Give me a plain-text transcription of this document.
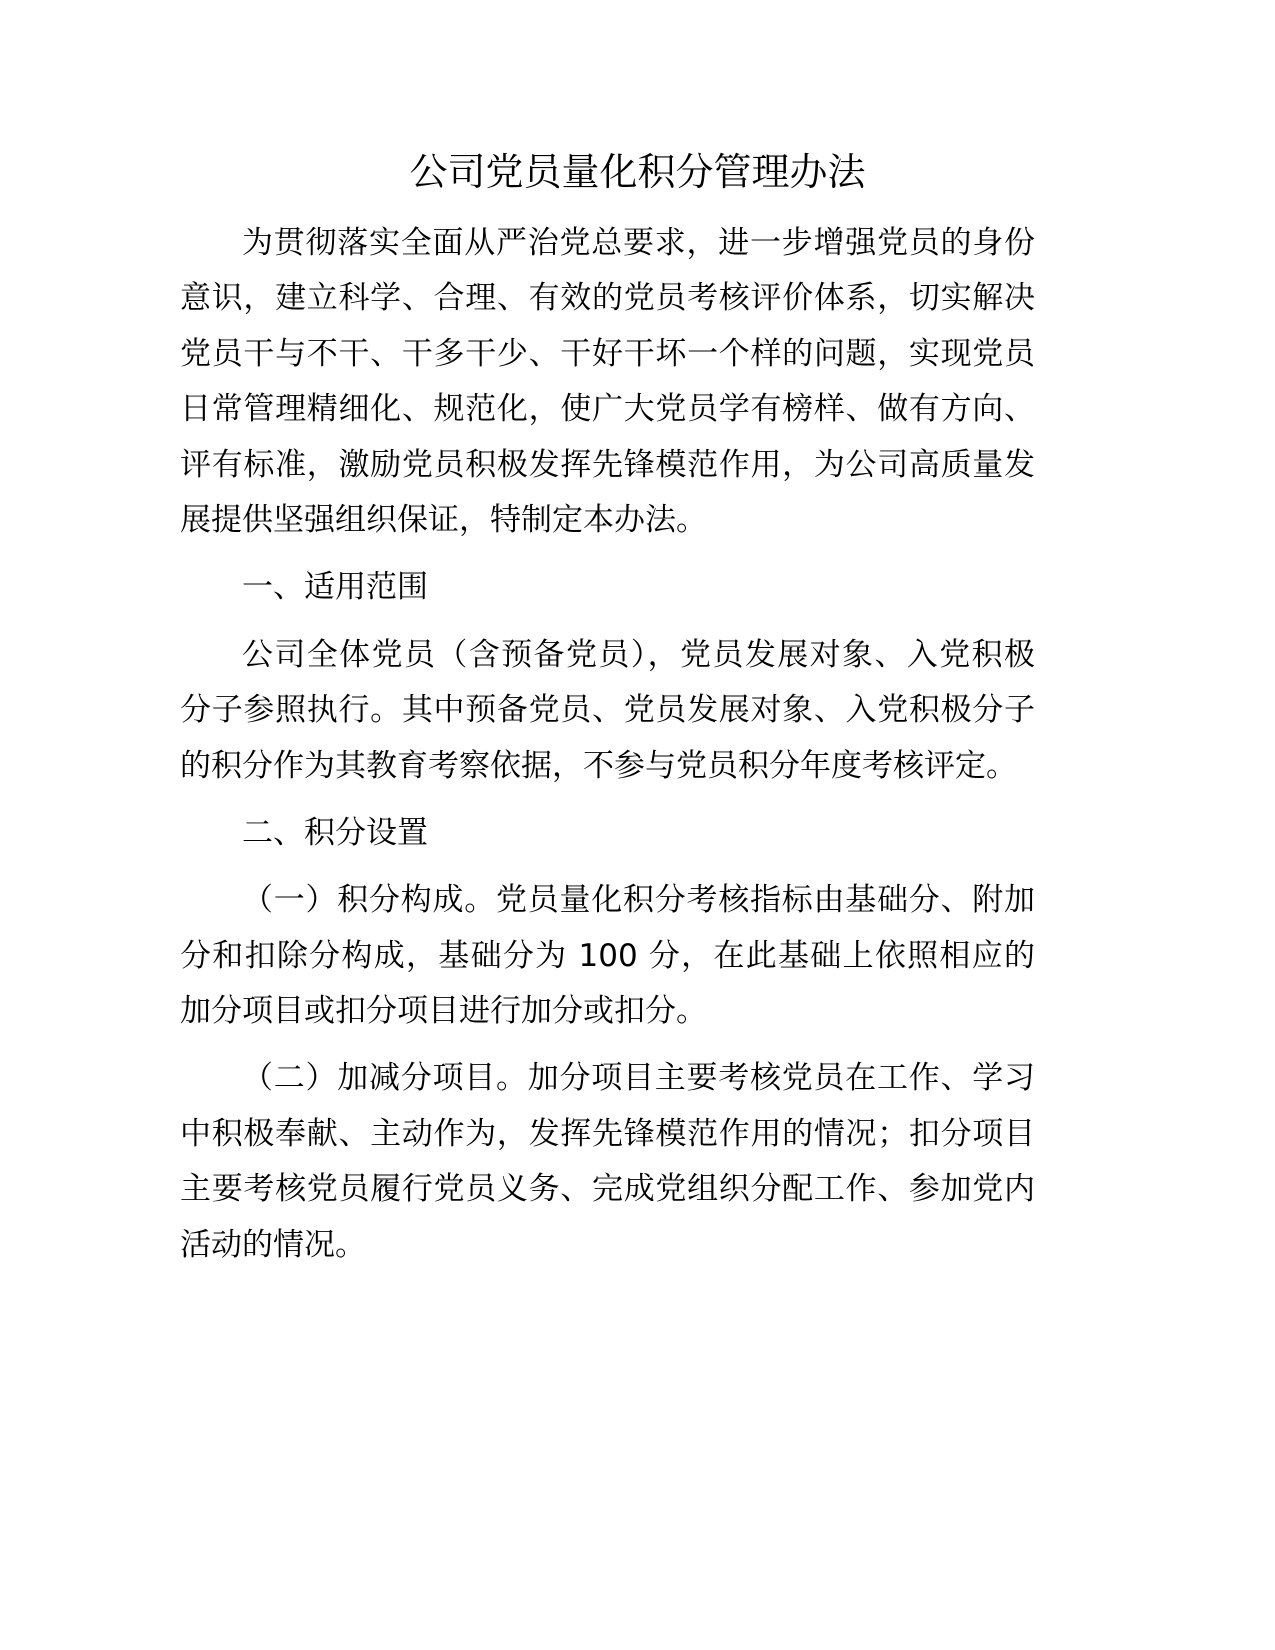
公司党员量化积分管理办法
为贯彻落实全面从严治党总要求，进一步增强党员的身份
意识，建立科学、合理、有效的党员考核评价体系，切实解决
党员干与不干、干多干少、干好干坏一个样的问题，实现党员
日常管理精细化、规范化，使广大党员学有榜样、做有方向、
评有标准，激励党员积极发挥先锋模范作用，为公司高质量发
展提供坚强组织保证，特制定本办法。
一、适用范围
公司全体党员（含预备党员），党员发展对象、入党积极
分子参照执行。其中预备党员、党员发展对象、入党积极分子
的积分作为其教育考察依据，不参与党员积分年度考核评定。
二、积分设置
（一）积分构成。党员量化积分考核指标由基础分、附加
分和扣除分构成，基础分为 100 分，在此基础上依照相应的
加分项目或扣分项目进行加分或扣分。
（二）加减分项目。加分项目主要考核党员在工作、学习
中积极奉献、主动作为，发挥先锋模范作用的情况；扣分项目
主要考核党员履行党员义务、完成党组织分配工作、参加党内
活动的情况。
